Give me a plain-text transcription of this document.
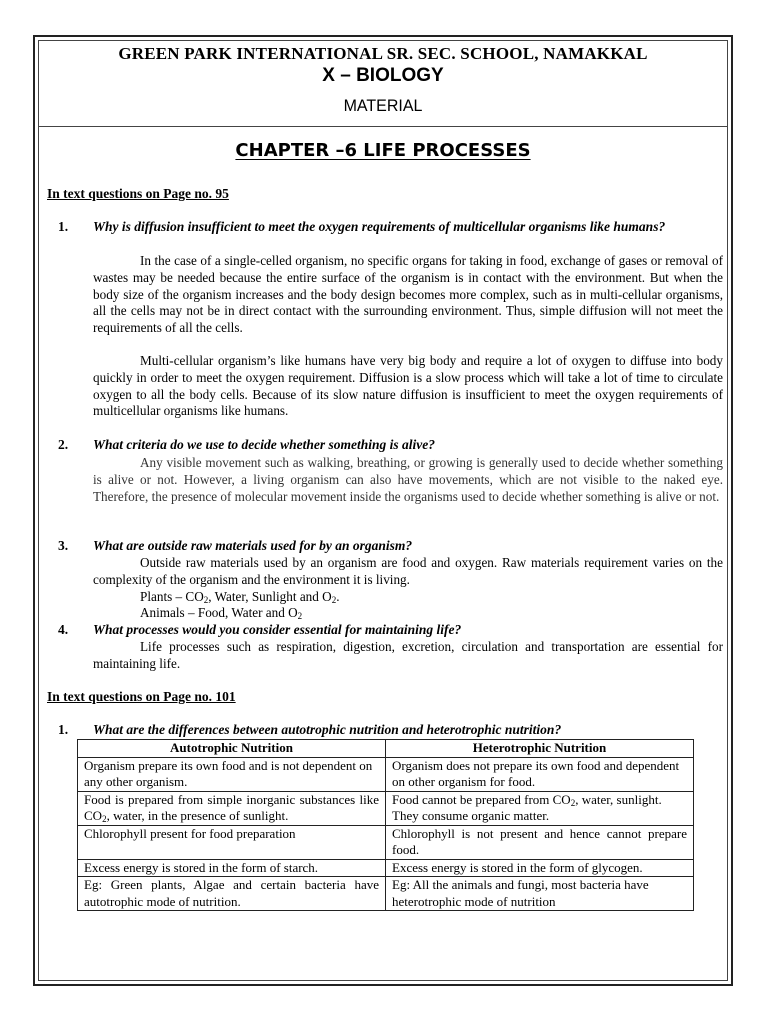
GREEN PARK INTERNATIONAL SR. SEC. SCHOOL, NAMAKKAL
X – BIOLOGY
MATERIAL
CHAPTER –6 LIFE PROCESSES
In text questions on Page no. 95
1. Why is diffusion insufficient to meet the oxygen requirements of multicellular organisms like humans?
In the case of a single-celled organism, no specific organs for taking in food, exchange of gases or removal of wastes may be needed because the entire surface of the organism is in contact with the environment. But when the body size of the organism increases and the body design becomes more complex, such as in multi-cellular organisms, all the cells may not be in direct contact with the surrounding environment. Thus, simple diffusion will not meet the requirements of all the cells.
Multi-cellular organism’s like humans have very big body and require a lot of oxygen to diffuse into body quickly in order to meet the oxygen requirement. Diffusion is a slow process which will take a lot of time to circulate oxygen to all the body cells. Because of its slow nature diffusion is insufficient to meet the oxygen requirements of multicellular organisms like humans.
2. What criteria do we use to decide whether something is alive?
Any visible movement such as walking, breathing, or growing is generally used to decide whether something is alive or not. However, a living organism can also have movements, which are not visible to the naked eye. Therefore, the presence of molecular movement inside the organisms used to decide whether something is alive or not.
3. What are outside raw materials used for by an organism?
Outside raw materials used by an organism are food and oxygen. Raw materials requirement varies on the complexity of the organism and the environment it is living.
Plants – $CO_2$, Water, Sunlight and $O_2$.
Animals – Food, Water and $O_2$
4. What processes would you consider essential for maintaining life?
Life processes such as respiration, digestion, excretion, circulation and transportation are essential for maintaining life.
In text questions on Page no. 101
1. What are the differences between autotrophic nutrition and heterotrophic nutrition?
Autotrophic Nutrition	Heterotrophic Nutrition
Organism prepare its own food and is not dependent on any other organism.	Organism does not prepare its own food and dependent on other organism for food.
Food is prepared from simple inorganic substances like $CO_2$, water, in the presence of sunlight.	Food cannot be prepared from $CO_2$, water, sunlight. They consume organic matter.
Chlorophyll present for food preparation	Chlorophyll is not present and hence cannot prepare food.
Excess energy is stored in the form of starch.	Excess energy is stored in the form of glycogen.
Eg: Green plants, Algae and certain bacteria have autotrophic mode of nutrition.	Eg: All the animals and fungi, most bacteria have heterotrophic mode of nutrition
